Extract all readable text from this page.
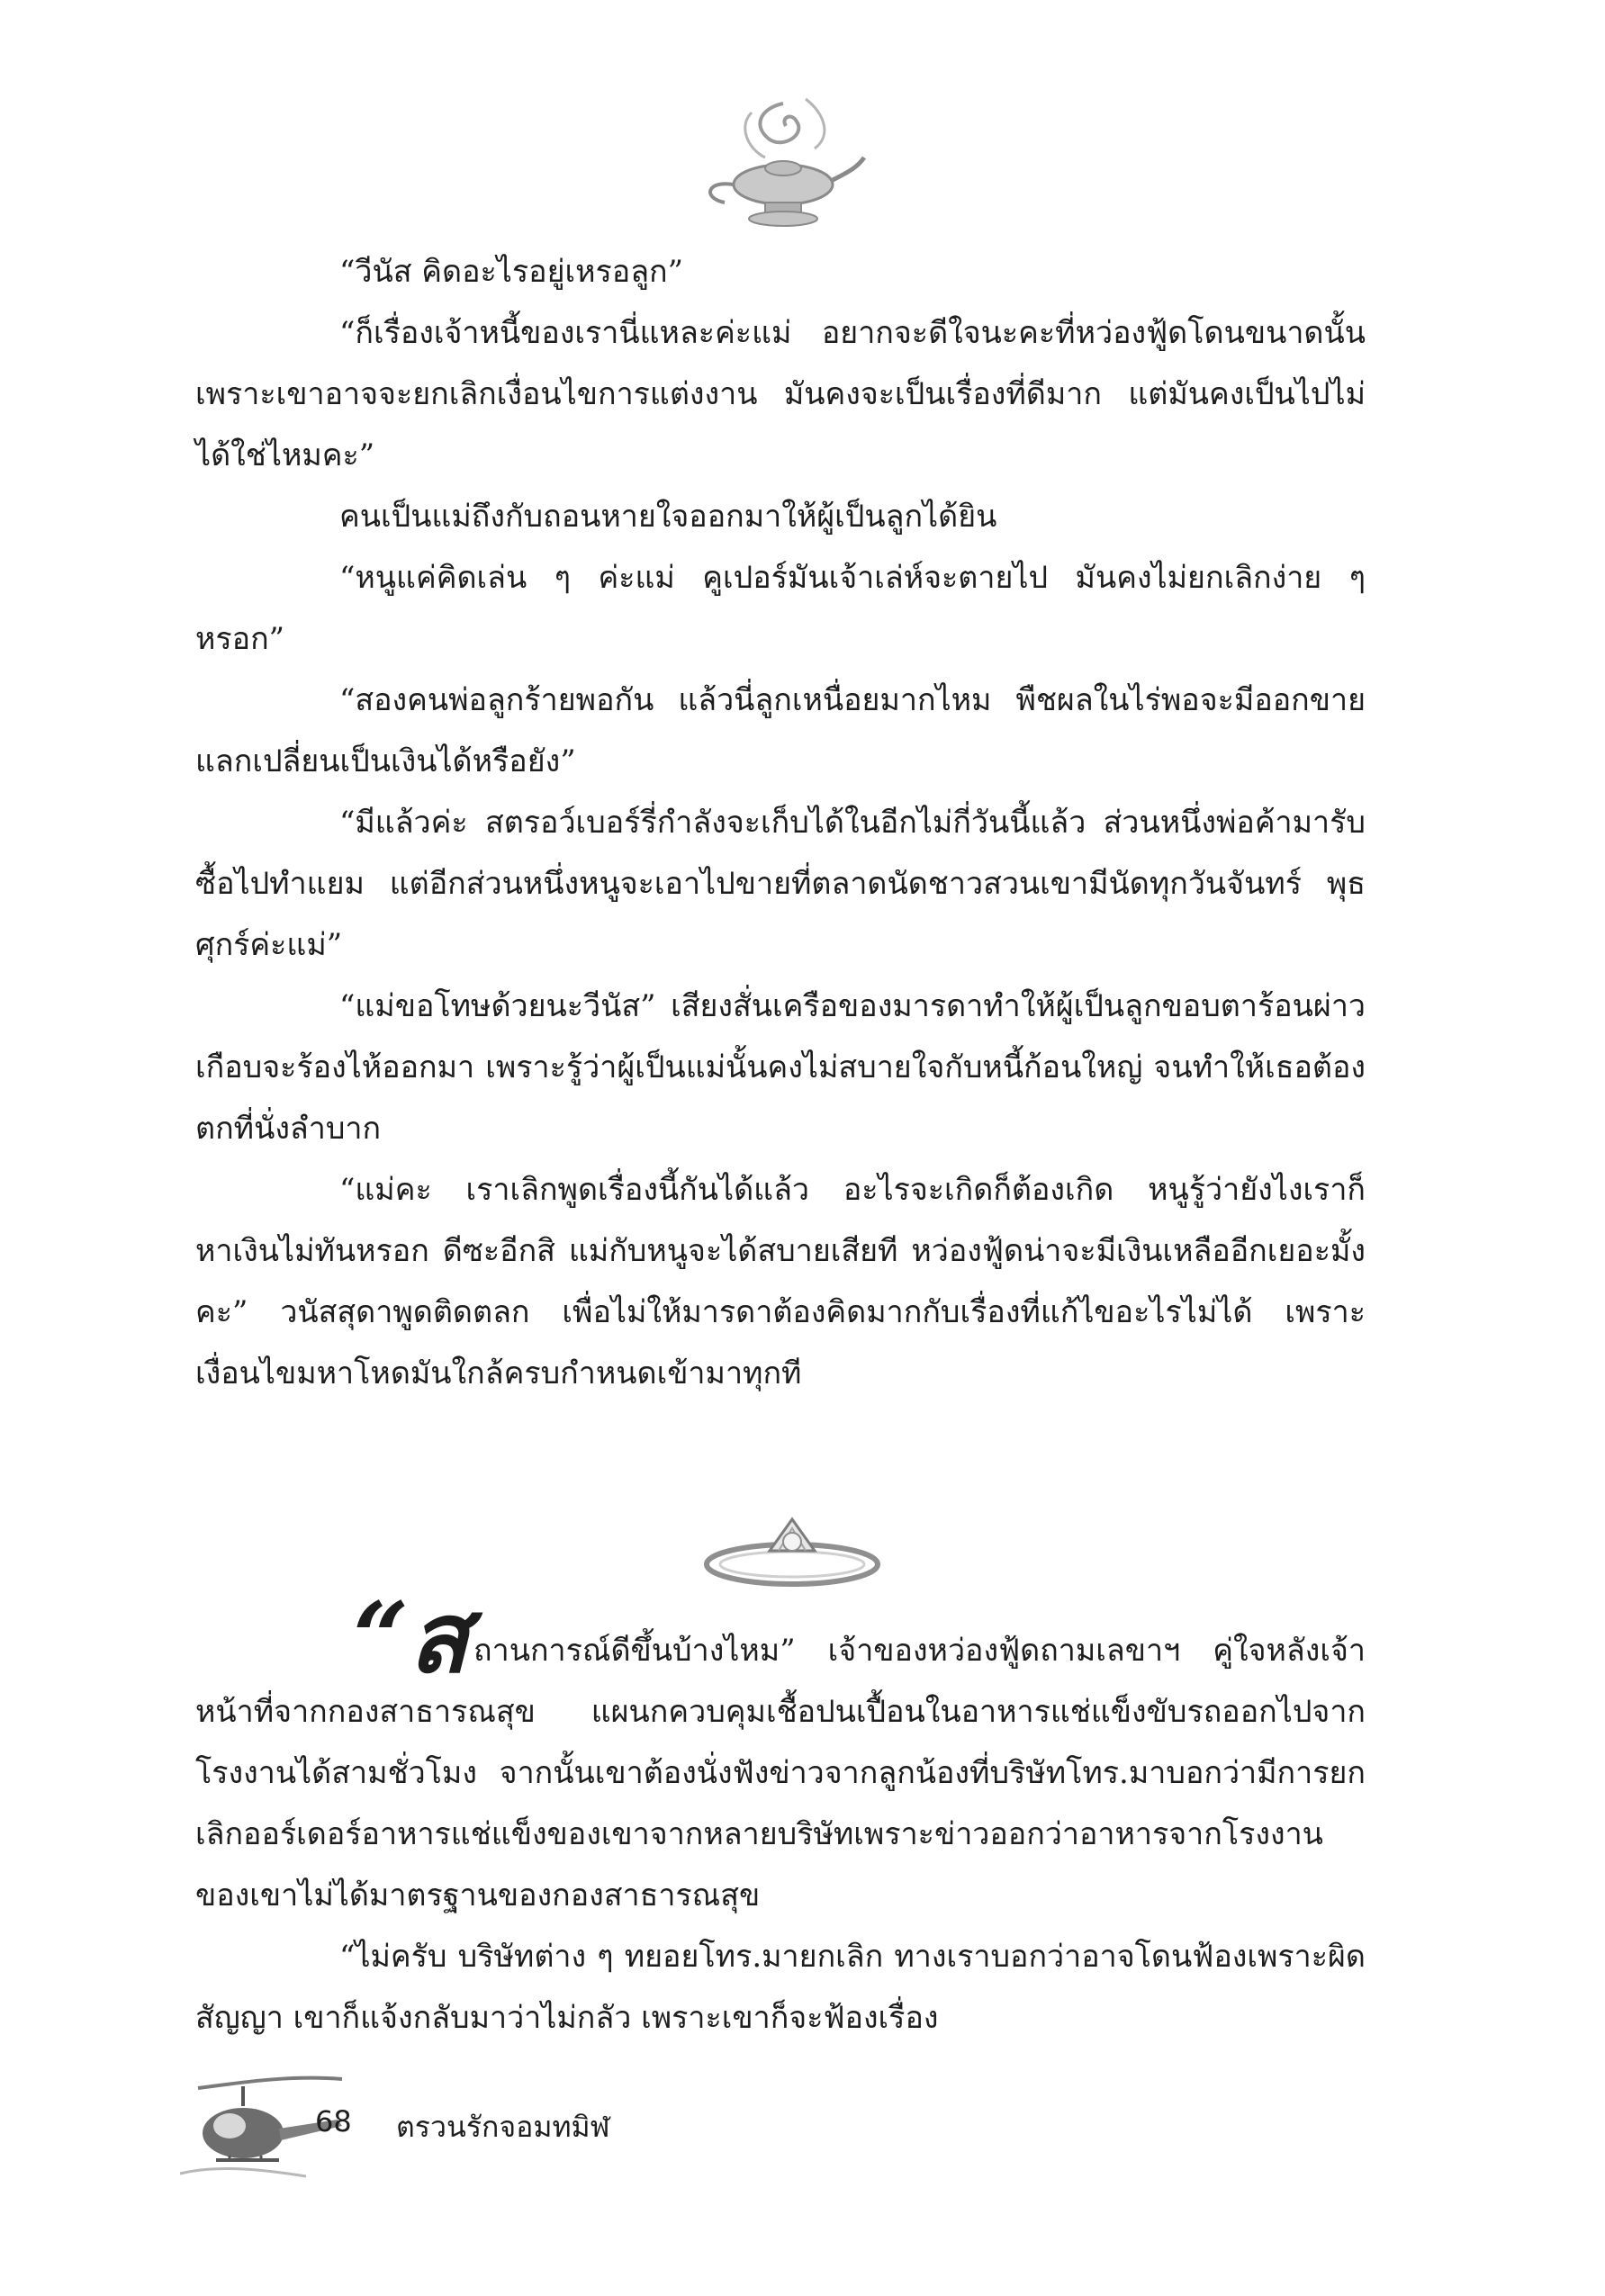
“วีนัส คิดอะไรอยู่เหรอลูก”

“ก็เรื่องเจ้าหนี้ของเรานี่แหละค่ะแม่ อยากจะดีใจนะคะที่หว่องฟู้ดโดนขนาดนั้น เพราะเขาอาจจะยกเลิกเงื่อนไขการแต่งงาน มันคงจะเป็นเรื่องที่ดีมาก แต่มันคงเป็นไปไม่ได้ใช่ไหมคะ”

คนเป็นแม่ถึงกับถอนหายใจออกมาให้ผู้เป็นลูกได้ยิน

“หนูแค่คิดเล่น ๆ ค่ะแม่ คูเปอร์มันเจ้าเล่ห์จะตายไป มันคงไม่ยกเลิกง่าย ๆ หรอก”

“สองคนพ่อลูกร้ายพอกัน แล้วนี่ลูกเหนื่อยมากไหม พืชผลในไร่พอจะมีออกขายแลกเปลี่ยนเป็นเงินได้หรือยัง”

“มีแล้วค่ะ สตรอว์เบอร์รี่กำลังจะเก็บได้ในอีกไม่กี่วันนี้แล้ว ส่วนหนึ่งพ่อค้ามารับซื้อไปทำแยม แต่อีกส่วนหนึ่งหนูจะเอาไปขายที่ตลาดนัดชาวสวนเขามีนัดทุกวันจันทร์ พุธ ศุกร์ค่ะแม่”

“แม่ขอโทษด้วยนะวีนัส” เสียงสั่นเครือของมารดาทำให้ผู้เป็นลูกขอบตาร้อนผ่าวเกือบจะร้องไห้ออกมา เพราะรู้ว่าผู้เป็นแม่นั้นคงไม่สบายใจกับหนี้ก้อนใหญ่ จนทำให้เธอต้องตกที่นั่งลำบาก

“แม่คะ เราเลิกพูดเรื่องนี้กันได้แล้ว อะไรจะเกิดก็ต้องเกิด หนูรู้ว่ายังไงเราก็หาเงินไม่ทันหรอก ดีซะอีกสิ แม่กับหนูจะได้สบายเสียที หว่องฟู้ดน่าจะมีเงินเหลืออีกเยอะมั้งคะ” วนัสสุดาพูดติดตลก เพื่อไม่ให้มารดาต้องคิดมากกับเรื่องที่แก้ไขอะไรไม่ได้ เพราะเงื่อนไขมหาโหดมันใกล้ครบกำหนดเข้ามาทุกที

“สถานการณ์ดีขึ้นบ้างไหม” เจ้าของหว่องฟู้ดถามเลขาฯ คู่ใจหลังเจ้าหน้าที่จากกองสาธารณสุข แผนกควบคุมเชื้อปนเปื้อนในอาหารแช่แข็งขับรถออกไปจากโรงงานได้สามชั่วโมง จากนั้นเขาต้องนั่งฟังข่าวจากลูกน้องที่บริษัทโทร.มาบอกว่ามีการยกเลิกออร์เดอร์อาหารแช่แข็งของเขาจากหลายบริษัทเพราะข่าวออกว่าอาหารจากโรงงานของเขาไม่ได้มาตรฐานของกองสาธารณสุข

“ไม่ครับ บริษัทต่าง ๆ ทยอยโทร.มายกเลิก ทางเราบอกว่าอาจโดนฟ้องเพราะผิดสัญญา เขาก็แจ้งกลับมาว่าไม่กลัว เพราะเขาก็จะฟ้องเรื่อง

68 ตรวนรักจอมทมิฬ
